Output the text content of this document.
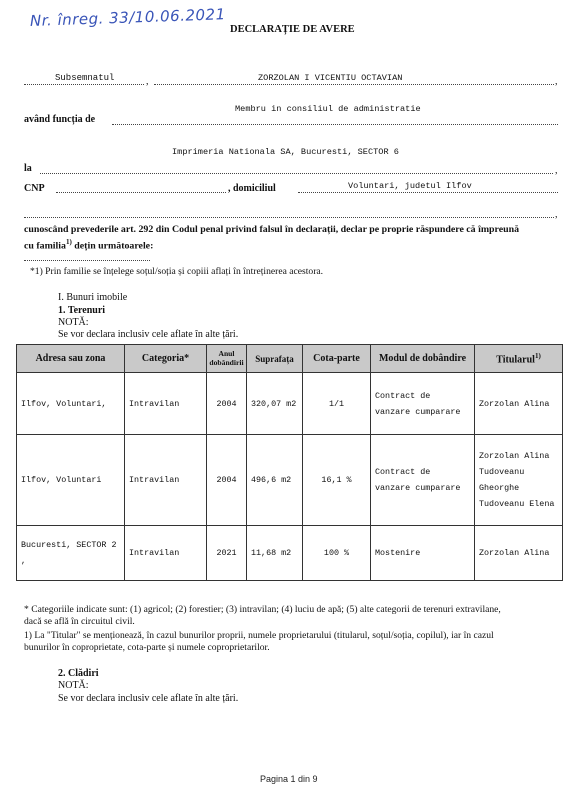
Nr. înreg. 33/10.06.2021 DECLARAȚIE DE AVERE
Subsemnatul	,	ZORZOLAN I VICENTIU OCTAVIAN	,
Membru in consiliul de administratie
având funcția de
Imprimeria Nationala SA, Bucuresti, SECTOR 6
la	,
CNP	, domiciliul	Voluntari, judetul Ilfov
,
cunoscând prevederile art. 292 din Codul penal privind falsul în declarații, declar pe proprie răspundere că împreună
cu familia$^{1)}$ dețin următoarele:
*1) Prin familie se înțelege soțul/soția și copiii aflați în întreținerea acestora.
I. Bunuri imobile
1. Terenuri
NOTĂ:
Se vor declara inclusiv cele aflate în alte țări.
Adresa sau zona	Categoria*	Anul dobândirii	Suprafața	Cota-parte	Modul de dobândire	Titularul$^{1)}$
Ilfov, Voluntari,	Intravilan	2004	320,07 m2	1/1	Contract de vanzare cumparare	Zorzolan Alina
Ilfov, Voluntari	Intravilan	2004	496,6 m2	16,1 %	Contract de vanzare cumparare	Zorzolan Alina Tudoveanu Gheorghe Tudoveanu Elena
Bucuresti, SECTOR 2 ,	Intravilan	2021	11,68 m2	100 %	Mostenire	Zorzolan Alina
* Categoriile indicate sunt: (1) agricol; (2) forestier; (3) intravilan; (4) luciu de apă; (5) alte categorii de terenuri extravilane,
dacă se află în circuitul civil.
1) La "Titular" se menționează, în cazul bunurilor proprii, numele proprietarului (titularul, soțul/soția, copilul), iar în cazul
bunurilor în coproprietate, cota-parte și numele coproprietarilor.
2. Clădiri
NOTĂ:
Se vor declara inclusiv cele aflate în alte țări.
Pagina 1 din 9
